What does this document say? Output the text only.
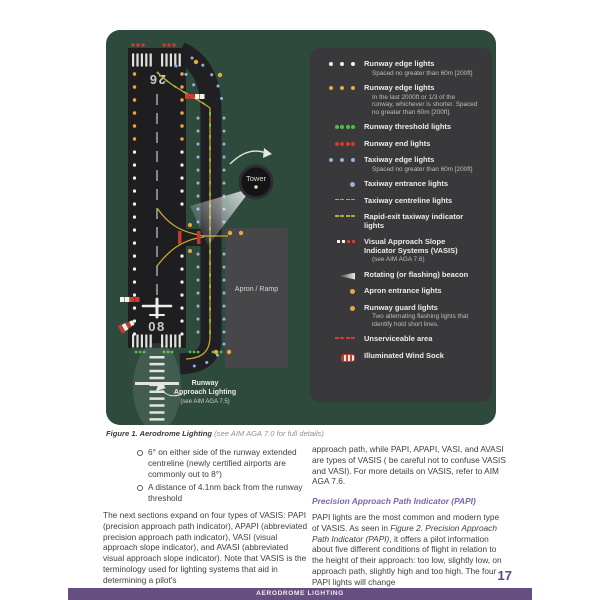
26
08
Tower
Apron / Ramp
Runway
Approach Lighting
(see AIM AGA 7.5)
Runway edge lights
Spaced no greater than 60m [200ft]
Runway edge lights
In the last 2000ft or 1/3 of the runway, whichever is shorter. Spaced no greater than 60m [200ft].
Runway threshold lights
Runway end lights
Taxiway edge lights
Spaced no greater than 60m [200ft]
Taxiway entrance lights
Taxiway centreline lights
Rapid-exit taxiway indicator lights
Visual Approach Slope Indicator Systems (VASIS)
(see AIM AGA 7.6)
Rotating (or flashing) beacon
Apron entrance lights
Runway guard lights
Two alternating flashing lights that identify hold short lines.
Unserviceable area
Illuminated Wind Sock
Figure 1. Aerodrome Lighting (see AIM AGA 7.0 for full details)
6° on either side of the runway extended centreline (newly certified airports are commonly out to 8°)
A distance of 4.1nm back from the runway threshold

The next sections expand on four types of VASIS: PAPI (precision approach path indicator), APAPI (abbreviated precision approach path indicator), VASI (visual approach slope indicator), and AVASI (abbreviated visual approach slope indicator). Note that VASIS is the terminology used for lighting systems that aid in determining a pilot's

approach path, while PAPI, APAPI, VASI, and AVASI are types of VASIS ( be careful not to confuse VASIS and VASI). For more details on VASIS, refer to AIM AGA 7.6.

Precision Approach Path Indicator (PAPI)

PAPI lights are the most common and modern type of VASIS. As seen in Figure 2. Precision Approach Path Indicator (PAPI), it offers a pilot information about five different conditions of flight in relation to the height of their approach: too low, slightly low, on approach path, slightly high and too high. The four PAPI lights will change	17
AERODROME LIGHTING
